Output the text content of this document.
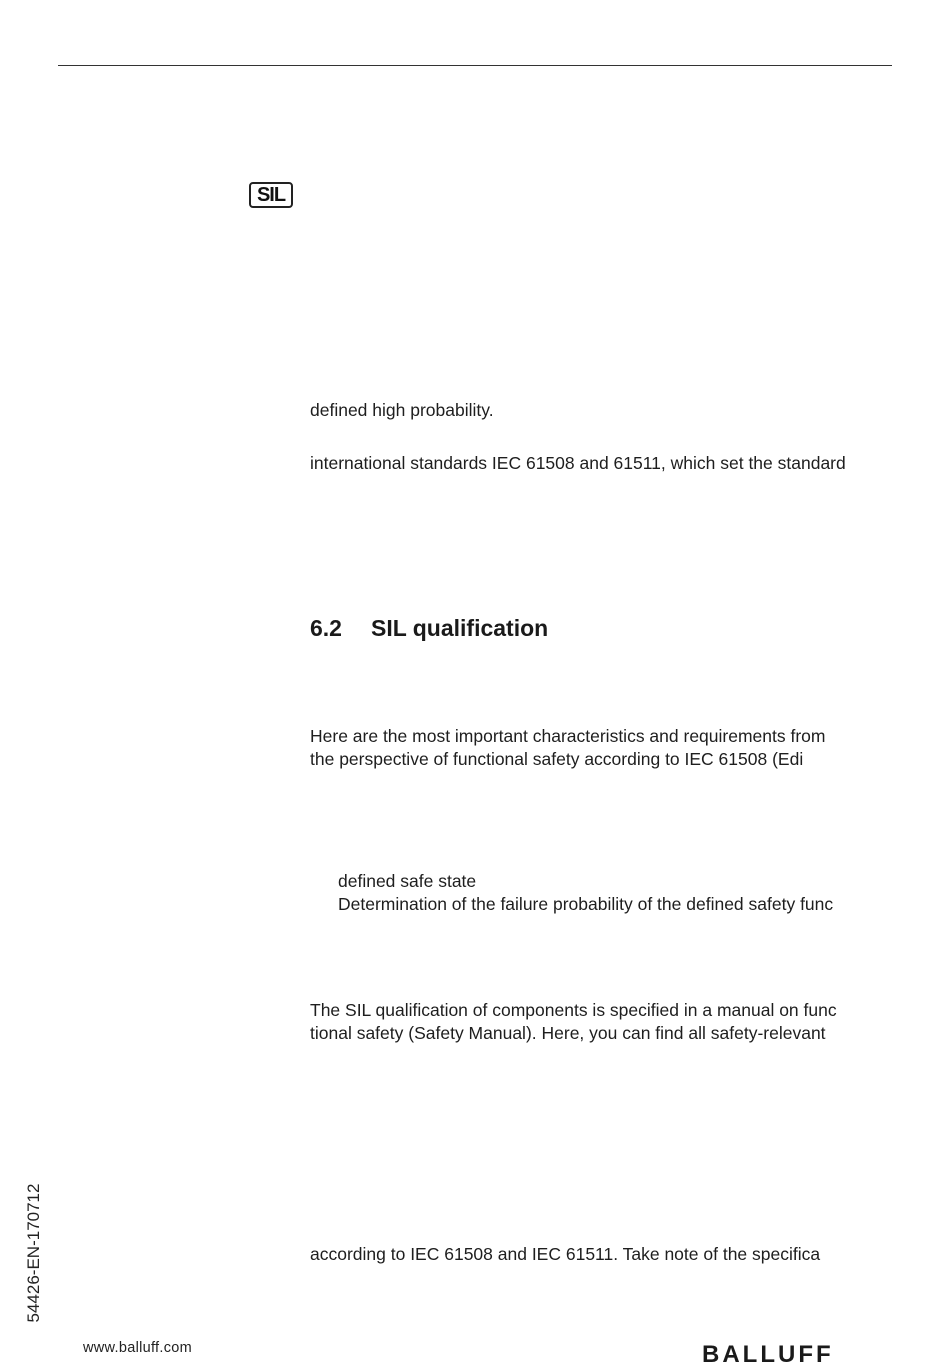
SIL
defined high probability.
international standards IEC 61508 and 61511, which set the standard
6.2 SIL qualification
Here are the most important characteristics and requirements from
the perspective of functional safety according to IEC 61508 (Edi
defined safe state
Determination of the failure probability of the defined safety func
The SIL qualification of components is specified in a manual on func
tional safety (Safety Manual). Here, you can find all safety-relevant
according to IEC 61508 and IEC 61511. Take note of the specifica
54426-EN-170712
www.balluff.com	BALLUFF
